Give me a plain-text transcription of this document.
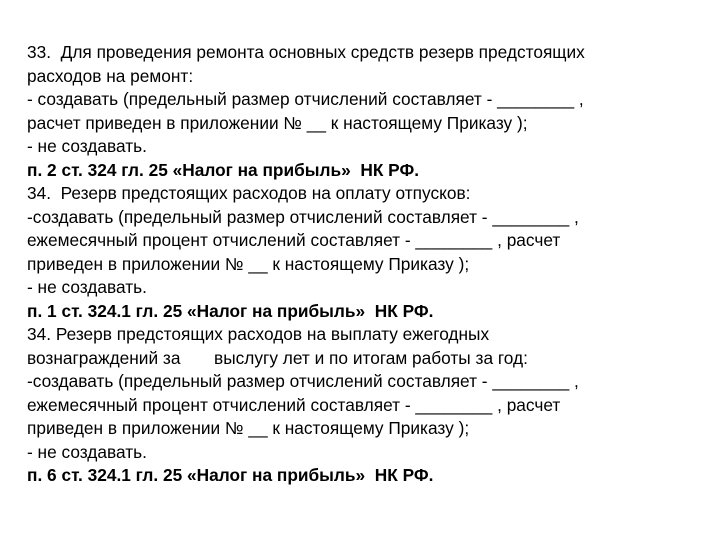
33.  Для проведения ремонта основных средств резерв предстоящих
расходов на ремонт:
- создавать (предельный размер отчислений составляет - ________ ,
расчет приведен в приложении № __ к настоящему Приказу );
- не создавать.
п. 2 ст. 324 гл. 25 «Налог на прибыль»  НК РФ.
34.  Резерв предстоящих расходов на оплату отпусков:
-создавать (предельный размер отчислений составляет - ________ ,
ежемесячный процент отчислений составляет - ________ , расчет
приведен в приложении № __ к настоящему Приказу );
- не создавать.
п. 1 ст. 324.1 гл. 25 «Налог на прибыль»  НК РФ.
34. Резерв предстоящих расходов на выплату ежегодных
вознаграждений за       выслугу лет и по итогам работы за год:
-создавать (предельный размер отчислений составляет - ________ ,
ежемесячный процент отчислений составляет - ________ , расчет
приведен в приложении № __ к настоящему Приказу );
- не создавать.
п. 6 ст. 324.1 гл. 25 «Налог на прибыль»  НК РФ.
